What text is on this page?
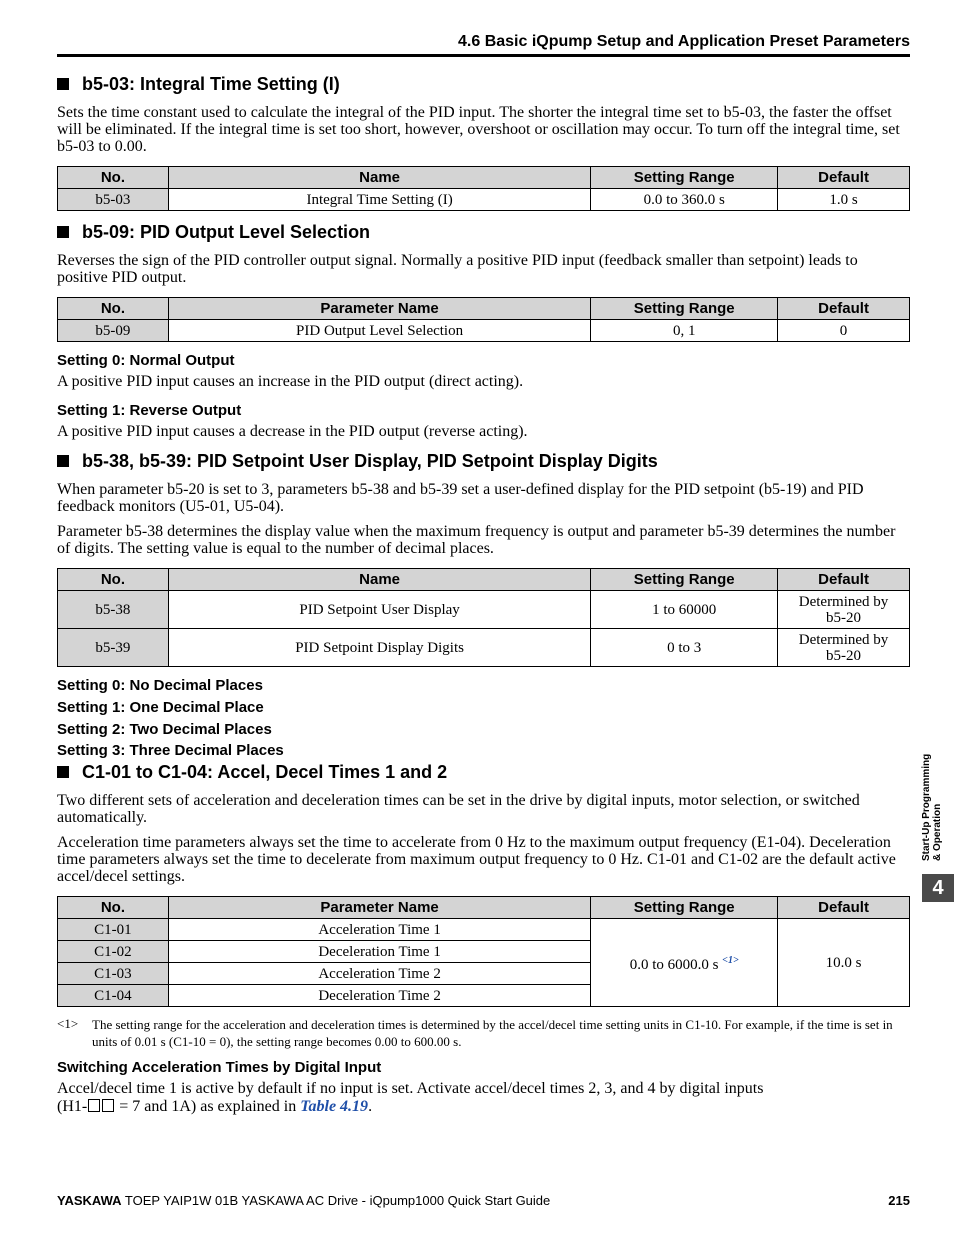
4.6 Basic iQpump Setup and Application Preset Parameters
b5-03: Integral Time Setting (I)
Sets the time constant used to calculate the integral of the PID input. The shorter the integral time set to b5-03, the faster the offset will be eliminated. If the integral time is set too short, however, overshoot or oscillation may occur. To turn off the integral time, set b5-03 to 0.00.
No.	Name	Setting Range	Default
b5-03	Integral Time Setting (I)	0.0 to 360.0 s	1.0 s
b5-09: PID Output Level Selection
Reverses the sign of the PID controller output signal. Normally a positive PID input (feedback smaller than setpoint) leads to positive PID output.
No.	Parameter Name	Setting Range	Default
b5-09	PID Output Level Selection	0, 1	0
Setting 0: Normal Output
A positive PID input causes an increase in the PID output (direct acting).
Setting 1: Reverse Output
A positive PID input causes a decrease in the PID output (reverse acting).
b5-38, b5-39: PID Setpoint User Display, PID Setpoint Display Digits
When parameter b5-20 is set to 3, parameters b5-38 and b5-39 set a user-defined display for the PID setpoint (b5-19) and PID feedback monitors (U5-01, U5-04).
Parameter b5-38 determines the display value when the maximum frequency is output and parameter b5-39 determines the number of digits. The setting value is equal to the number of decimal places.
No.	Name	Setting Range	Default
b5-38	PID Setpoint User Display	1 to 60000	Determined by
b5-20
b5-39	PID Setpoint Display Digits	0 to 3	Determined by
b5-20
Setting 0: No Decimal Places
Setting 1: One Decimal Place
Setting 2: Two Decimal Places
Setting 3: Three Decimal Places
C1-01 to C1-04: Accel, Decel Times 1 and 2
Two different sets of acceleration and deceleration times can be set in the drive by digital inputs, motor selection, or switched automatically.
Acceleration time parameters always set the time to accelerate from 0 Hz to the maximum output frequency (E1-04). Deceleration time parameters always set the time to decelerate from maximum output frequency to 0 Hz. C1-01 and C1-02 are the default active accel/decel settings.
No.	Parameter Name	Setting Range	Default
C1-01	Acceleration Time 1	0.0 to 6000.0 s $^{<1>}$	10.0 s
C1-02	Deceleration Time 1		
C1-03	Acceleration Time 2		
C1-04	Deceleration Time 2		
<1> The setting range for the acceleration and deceleration times is determined by the accel/decel time setting units in C1-10. For example, if the time is set in units of 0.01 s (C1-10 = 0), the setting range becomes 0.00 to 600.00 s.
Switching Acceleration Times by Digital Input
Accel/decel time 1 is active by default if no input is set. Activate accel/decel times 2, 3, and 4 by digital inputs
(H1- = 7 and 1A) as explained in Table 4.19.
Start-Up Programming & Operation
4
YASKAWA TOEP YAIP1W 01B YASKAWA AC Drive - iQpump1000 Quick Start Guide	215
